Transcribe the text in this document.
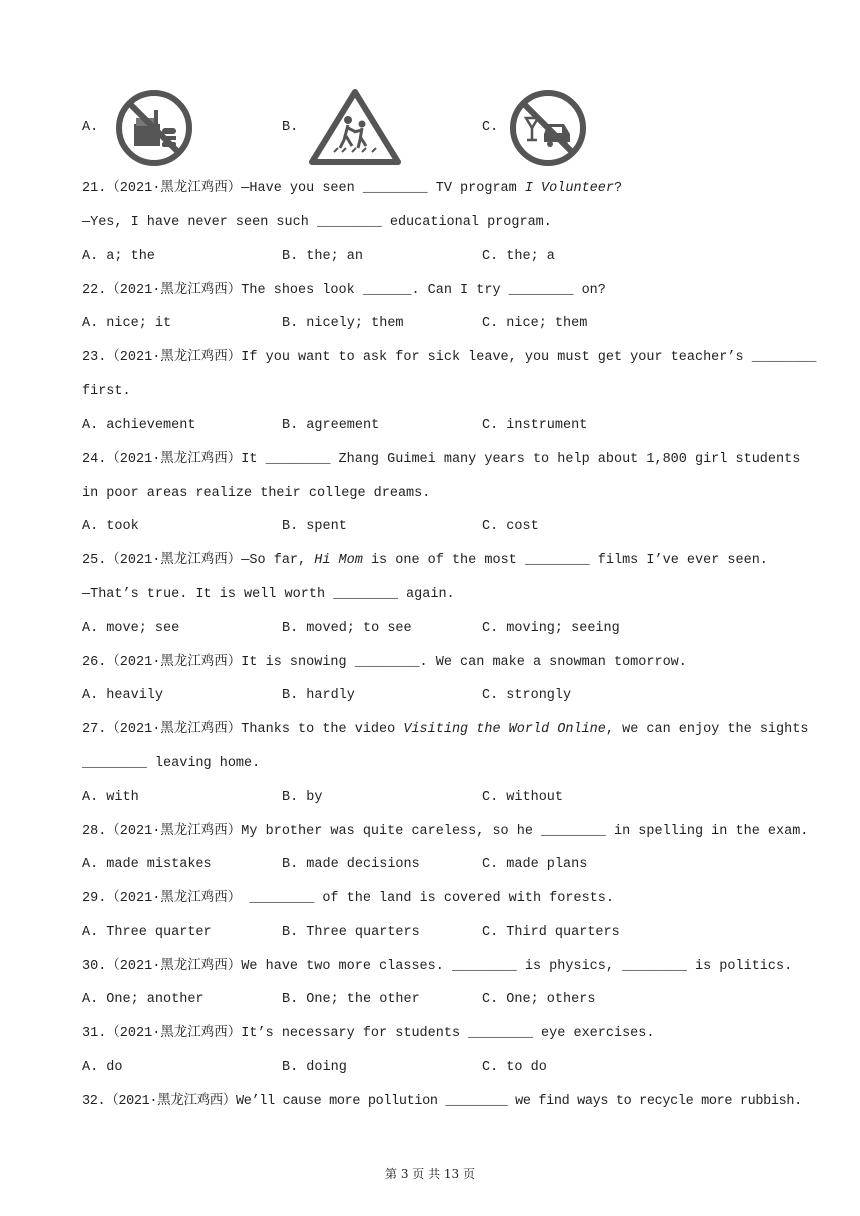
A.	B.	C.
21.（2021·黑龙江鸡西）—Have you seen ________ TV program I Volunteer?
—Yes, I have never seen such ________ educational program.
A. a; the	B. the; an	C. the; a
22.（2021·黑龙江鸡西）The shoes look ______. Can I try ________ on?
A. nice; it	B. nicely; them	C. nice; them
23.（2021·黑龙江鸡西）If you want to ask for sick leave, you must get your teacher’s ________
first.
A. achievement	B. agreement	C. instrument
24.（2021·黑龙江鸡西）It ________ Zhang Guimei many years to help about 1,800 girl students
in poor areas realize their college dreams.
A. took	B. spent	C. cost
25.（2021·黑龙江鸡西）—So far, Hi Mom is one of the most ________ films I’ve ever seen.
—That’s true. It is well worth ________ again.
A. move; see	B. moved; to see	C. moving; seeing
26.（2021·黑龙江鸡西）It is snowing ________. We can make a snowman tomorrow.
A. heavily	B. hardly	C. strongly
27.（2021·黑龙江鸡西）Thanks to the video Visiting the World Online, we can enjoy the sights
________ leaving home.
A. with	B. by	C. without
28.（2021·黑龙江鸡西）My brother was quite careless, so he ________ in spelling in the exam.
A. made mistakes	B. made decisions	C. made plans
29.（2021·黑龙江鸡西） ________ of the land is covered with forests.
A. Three quarter	B. Three quarters	C. Third quarters
30.（2021·黑龙江鸡西）We have two more classes. ________ is physics, ________ is politics.
A. One; another	B. One; the other	C. One; others
31.（2021·黑龙江鸡西）It’s necessary for students ________ eye exercises.
A. do	B. doing	C. to do
32.（2021·黑龙江鸡西）We’ll cause more pollution ________ we find ways to recycle more rubbish.
第 3 页 共 13 页
